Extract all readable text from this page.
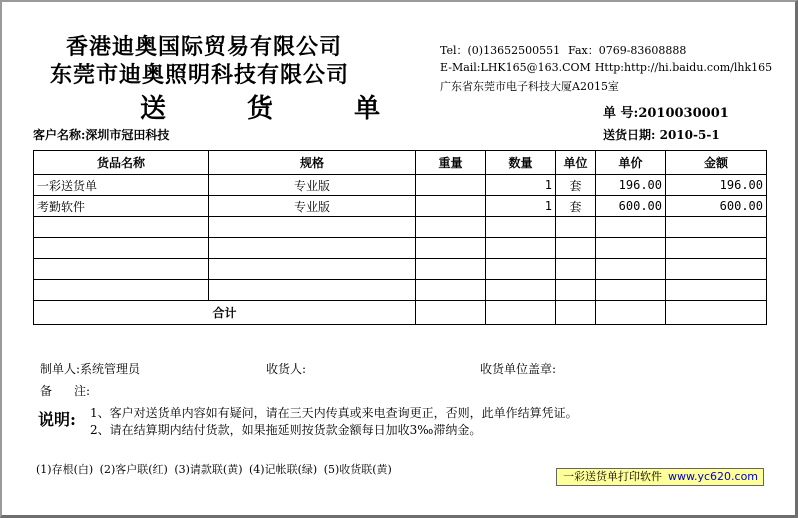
香港迪奥国际贸易有限公司
东莞市迪奥照明科技有限公司
送 货 单
Tel：(0)13652500551 Fax：0769-83608888
E-Mail:LHK165@163.COM Http:http://hi.baidu.com/lhk165
广东省东莞市电子科技大厦A2015室
单 号:2010030001
客户名称:深圳市冠田科技	送货日期: 2010-5-1
货品名称	规格	重量	数量	单位	单价	金额
一彩送货单	专业版		1	套	196.00	196.00
考勤软件	专业版		1	套	600.00	600.00

合计						
制单人:系统管理员	收货人:	收货单位盖章:
备 注:
说明: 1、客户对送货单内容如有疑问，请在三天内传真或来电查询更正，否则，此单作结算凭证。
2、请在结算期内结付货款，如果拖延则按货款金额每日加收3‰滞纳金。
(1)存根(白) (2)客户联(红) (3)请款联(黄) (4)记帐联(绿) (5)收货联(黄)
一彩送货单打印软件 www.yc620.com
